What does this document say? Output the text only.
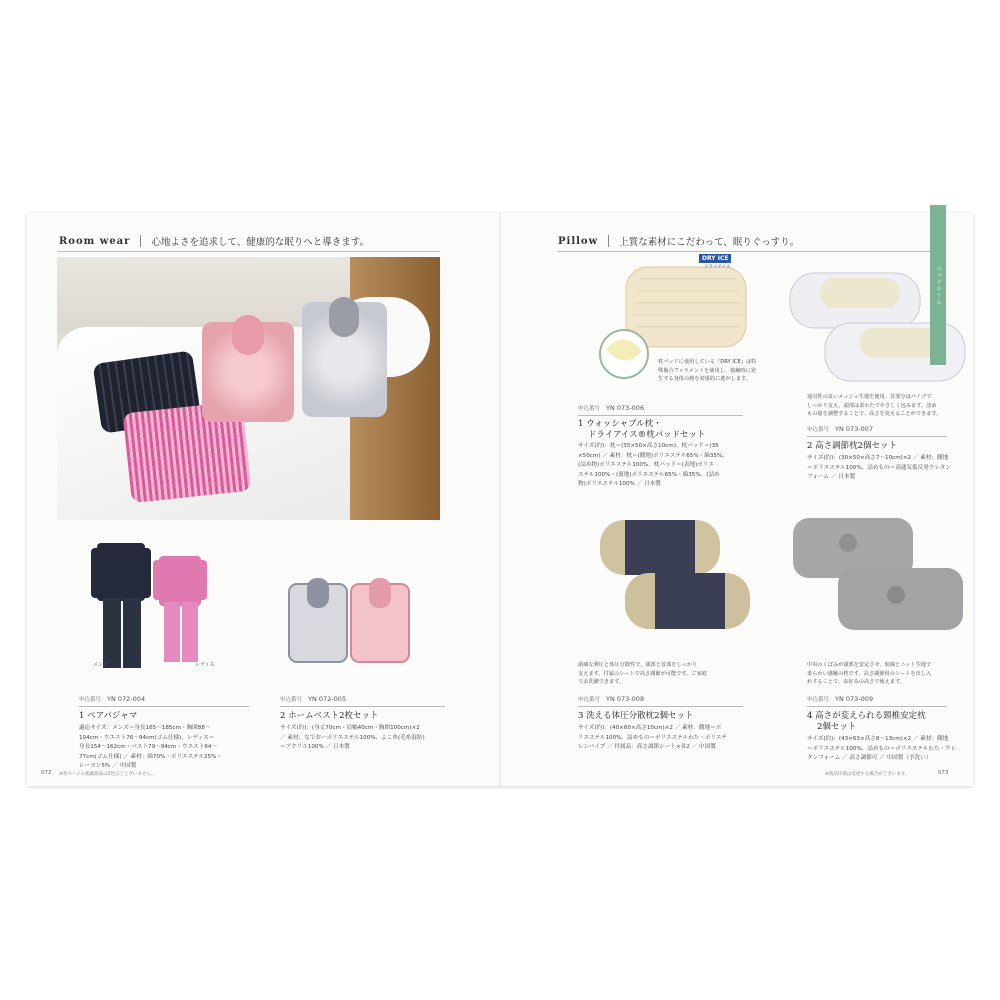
Room wear 心地よさを追求して、健康的な眠りへと導きます。
メンズ	レディス
申込番号 YN 072-004
1 ペアパジャマ
適応サイズ：メンズ＝身長165〜185cm・胸囲88〜
104cm・ウエスト76〜94cm(ゴム仕様)、レディス＝
身長154〜162cm・バスト79〜94cm・ウエスト64〜
77cm(ゴム仕様) ／ 素材：綿70%・ポリエステル25%・
レーヨン5% ／ 中国製
申込番号 YN 072-005
2 ホームベスト2枚セット
サイズ(約)：(身丈70cm・肩幅40cm・胸囲100cm)×2
／ 素材：なでおーポリエステル100%、よこ糸(毛糸混紡)
＝アクリル100% ／ 日本製
072 ※各ページの掲載商品は2色以上ございません。
Pillow 上質な素材にこだわって、眠りぐっすり。
DRY ICE
ドライアイス
枕パッドに使用している『DRY ICE』は特
殊複合フィラメントを使用し、接触時に発
生する身体の熱を効果的に逃がします。
通気性の良いメッシュ生地を使用。首部分はパイプで
しっかり支え、頭部は柔わたでやさしく包みます。詰め
もの量を調整することで、高さを変えることができます。
申込番号 YN 073-006
1 ウォッシャブル枕・
ドライアイス®枕パッドセット
サイズ(約)：枕＝(35×50×高さ10cm)、枕パッド＝(35
×50cm) ／ 素材：枕＝(側地)ポリエステル65%・綿35%、
(詰め物)ポリエステル100%、枕パッド＝(表地)ポリエ
ステル100%・(裏地)ポリエステル65%・綿35%、(詰め
物)ポリエステル100% ／ 日本製
申込番号 YN 073-007
2 高さ調節枕2個セット
サイズ(約)：(30×50×高さ7〜10cm)×2 ／ 素材：側地
＝ポリエステル100%、詰めもの＝高通気低反発ウレタン
フォーム ／ 日本製
頭痛な弾圧と体圧分散性で、頭部と首部をしっかり
支えます。付属のシートで高さ調節が可能です。ご家庭
でお洗濯できます。
中央のくぼみが頭部を安定させ、航線とニット生地で
柔らかい感触の枕です。高さ調節用のシートを出し入
れすることで、お好みの高さで使えます。
申込番号 YN 073-008
3 洗える体圧分散枕2個セット
サイズ(約)：(40×60×高さ10cm)×2 ／ 素材：側地＝ポ
リエステル100%、詰めもの＝ポリエステルわた・ポリエチ
レンパイプ ／ 付属品：高さ調節シート×各2 ／ 中国製
申込番号 YN 073-009
4 高さが変えられる頸椎安定枕
2個セット
サイズ(約)：(43×63×高さ8〜13cm)×2 ／ 素材：側地
＝ポリエステル100%、詰めもの＝ポリエステルわた・ウレ
タンフォーム ／ 高さ調節可 ／ 中国製（予洗い）
※商品仕様は変更する場合がございます。	073
ベッドルーム
